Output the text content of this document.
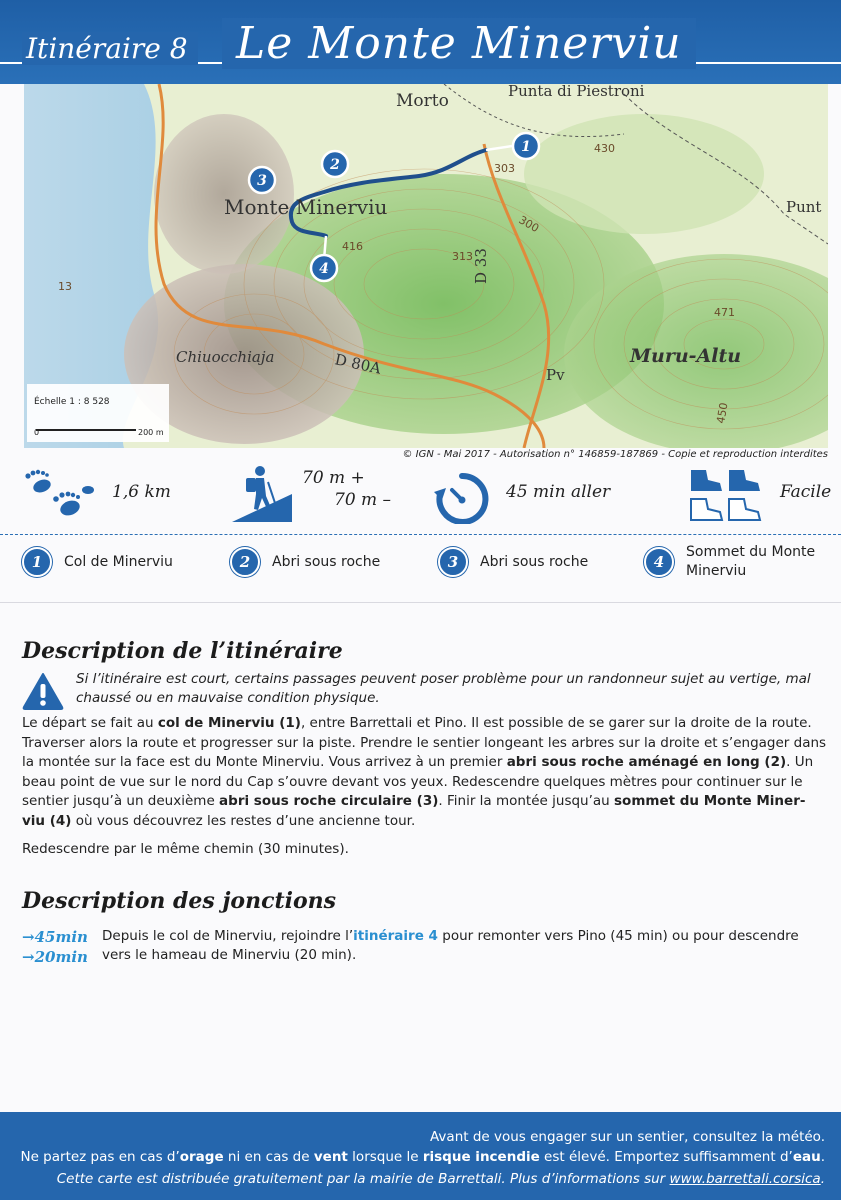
Itinéraire 8	Le Monte Minerviu
1
2
3
4
Morto	Punta di Piestroni
Monte Minerviu
Muru-Altu
Punt
Chiuocchiaja
430
303
300
313
416
471
13
450
D 33
D 80A	Pv
Échelle 1 : 8 528
0	200 m
© IGN - Mai 2017 - Autorisation n° 146859-187869 - Copie et reproduction interdites
1,6 km
70 m +
70 m –	45 min aller	Facile
1	Col de Minerviu	2	Abri sous roche	3	Abri sous roche	4
Sommet du Monte
Minerviu
Description de l’itinéraire
Si l’itinéraire est court, certains passages peuvent poser problème pour un randonneur sujet au vertige, mal chaussé ou en mauvaise condition physique.
Le départ se fait au col de Minerviu (1), entre Barrettali et Pino. Il est possible de se garer sur la droite de la route. Traverser alors la route et progresser sur la piste. Prendre le sentier longeant les arbres sur la droite et s’engager dans la montée sur la face est du Monte Minerviu. Vous arrivez à un premier abri sous roche aménagé en long (2). Un beau point de vue sur le nord du Cap s’ouvre devant vos yeux. Redescendre quelques mètres pour continuer sur le sentier jusqu’à un deuxième abri sous roche circulaire (3). Finir la montée jusqu’au sommet du Monte Miner-viu (4) où vous découvrez les restes d’une ancienne tour.
Redescendre par le même chemin (30 minutes).
Description des jonctions
→45min
→20min
Depuis le col de Minerviu, rejoindre l’itinéraire 4 pour remonter vers Pino (45 min) ou pour descendre vers le hameau de Minerviu (20 min).
Avant de vous engager sur un sentier, consultez la météo.
Ne partez pas en cas d’orage ni en cas de vent lorsque le risque incendie est élevé. Emportez suffisamment d’eau.
Cette carte est distribuée gratuitement par la mairie de Barrettali. Plus d’informations sur www.barrettali.corsica.
